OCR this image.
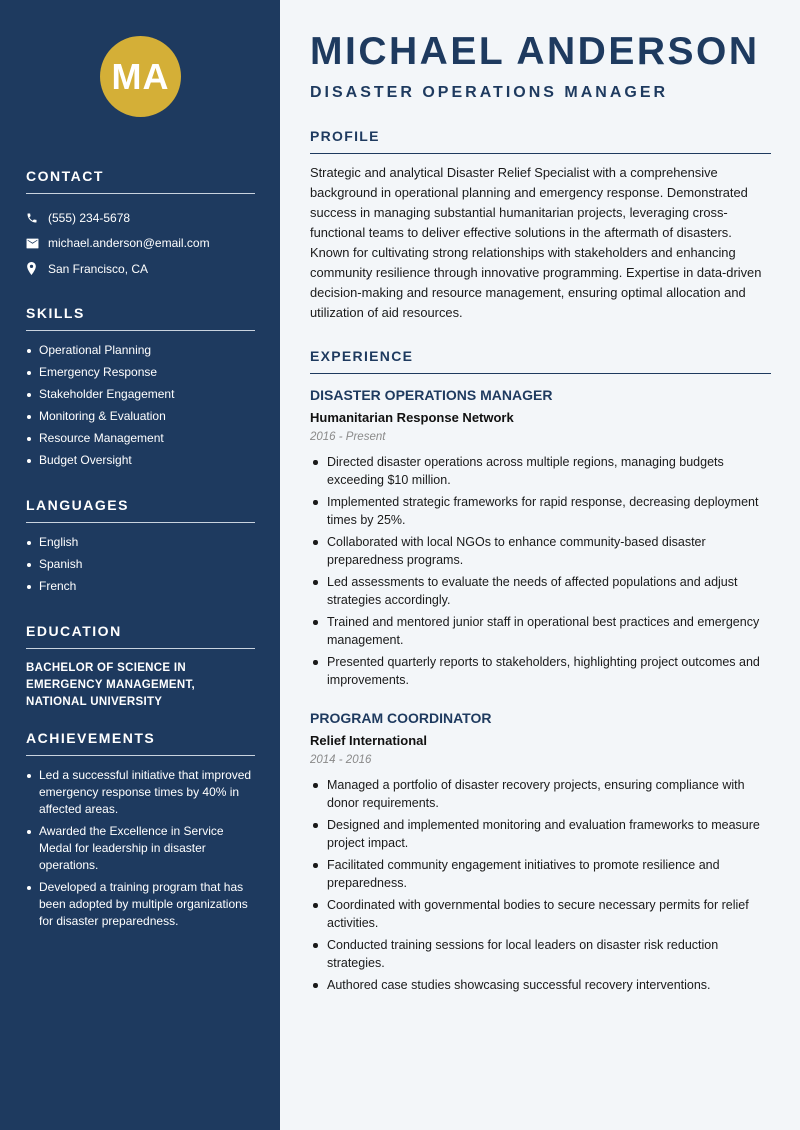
MA
CONTACT
(555) 234-5678
michael.anderson@email.com
San Francisco, CA
SKILLS
Operational Planning
Emergency Response
Stakeholder Engagement
Monitoring & Evaluation
Resource Management
Budget Oversight
LANGUAGES
English
Spanish
French
EDUCATION

BACHELOR OF SCIENCE IN EMERGENCY MANAGEMENT, NATIONAL UNIVERSITY

ACHIEVEMENTS
Led a successful initiative that improved emergency response times by 40% in affected areas.
Awarded the Excellence in Service Medal for leadership in disaster operations.
Developed a training program that has been adopted by multiple organizations for disaster preparedness.
MICHAEL ANDERSON
DISASTER OPERATIONS MANAGER
PROFILE

Strategic and analytical Disaster Relief Specialist with a comprehensive background in operational planning and emergency response. Demonstrated success in managing substantial humanitarian projects, leveraging cross-functional teams to deliver effective solutions in the aftermath of disasters. Known for cultivating strong relationships with stakeholders and enhancing community resilience through innovative programming. Expertise in data-driven decision-making and resource management, ensuring optimal allocation and utilization of aid resources.

EXPERIENCE
DISASTER OPERATIONS MANAGER
Humanitarian Response Network
2016 - Present
Directed disaster operations across multiple regions, managing budgets exceeding $10 million.
Implemented strategic frameworks for rapid response, decreasing deployment times by 25%.
Collaborated with local NGOs to enhance community-based disaster preparedness programs.
Led assessments to evaluate the needs of affected populations and adjust strategies accordingly.
Trained and mentored junior staff in operational best practices and emergency management.
Presented quarterly reports to stakeholders, highlighting project outcomes and improvements.
PROGRAM COORDINATOR
Relief International
2014 - 2016
Managed a portfolio of disaster recovery projects, ensuring compliance with donor requirements.
Designed and implemented monitoring and evaluation frameworks to measure project impact.
Facilitated community engagement initiatives to promote resilience and preparedness.
Coordinated with governmental bodies to secure necessary permits for relief activities.
Conducted training sessions for local leaders on disaster risk reduction strategies.
Authored case studies showcasing successful recovery interventions.
